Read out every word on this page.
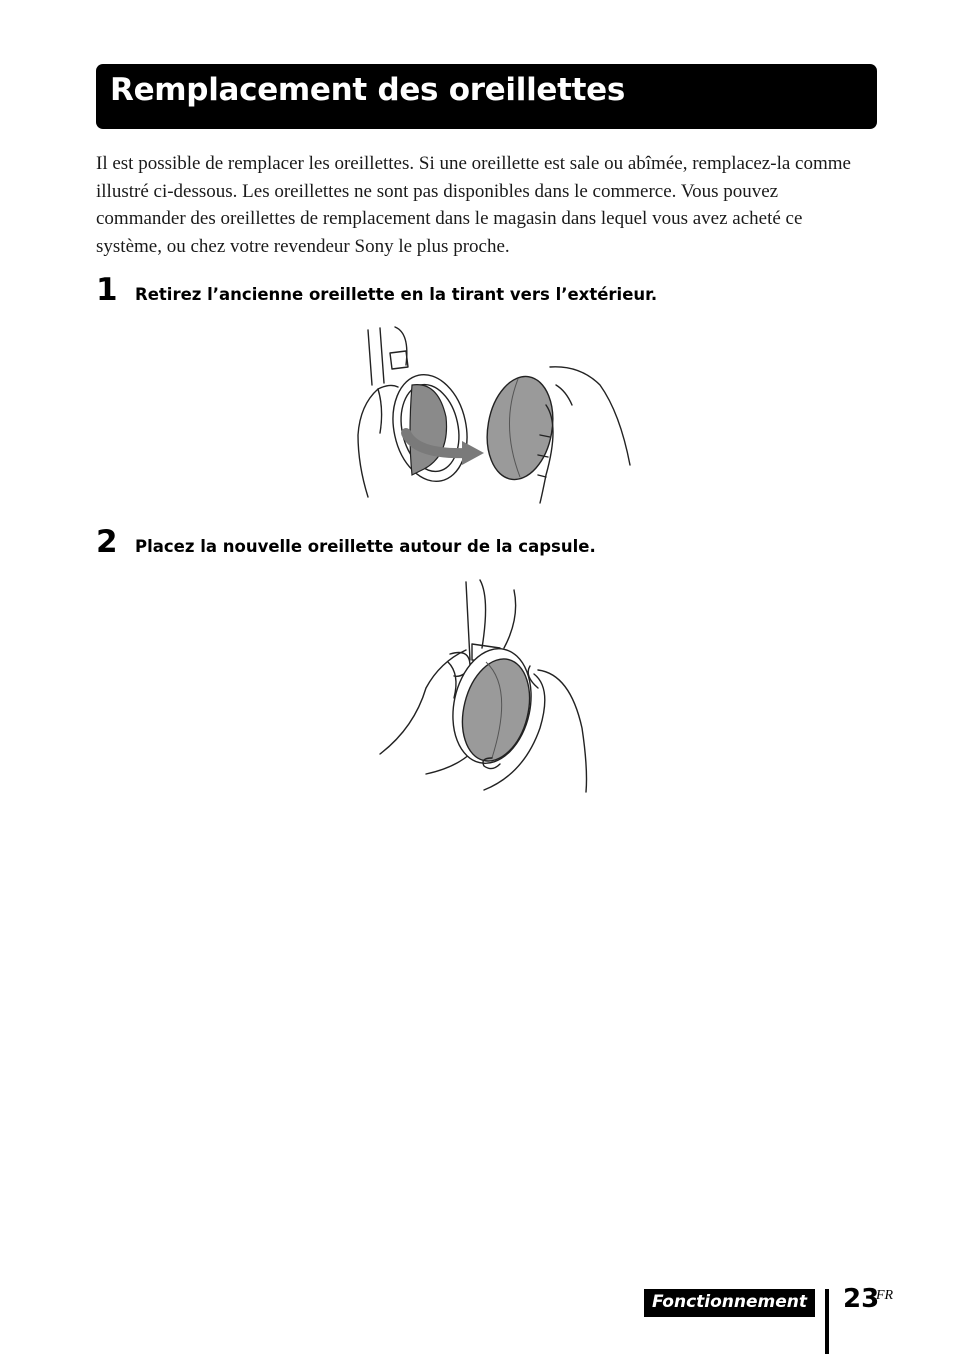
Remplacement des oreillettes

Il est possible de remplacer les oreillettes. Si une oreillette est sale ou abîmée, remplacez-la comme illustré ci-dessous. Les oreillettes ne sont pas disponibles dans le commerce. Vous pouvez commander des oreillettes de remplacement dans le magasin dans lequel vous avez acheté ce système, ou chez votre revendeur Sony le plus proche.

1 Retirez l’ancienne oreillette en la tirant vers l’extérieur.
2 Placez la nouvelle oreillette autour de la capsule.
Fonctionnement	23
FR
